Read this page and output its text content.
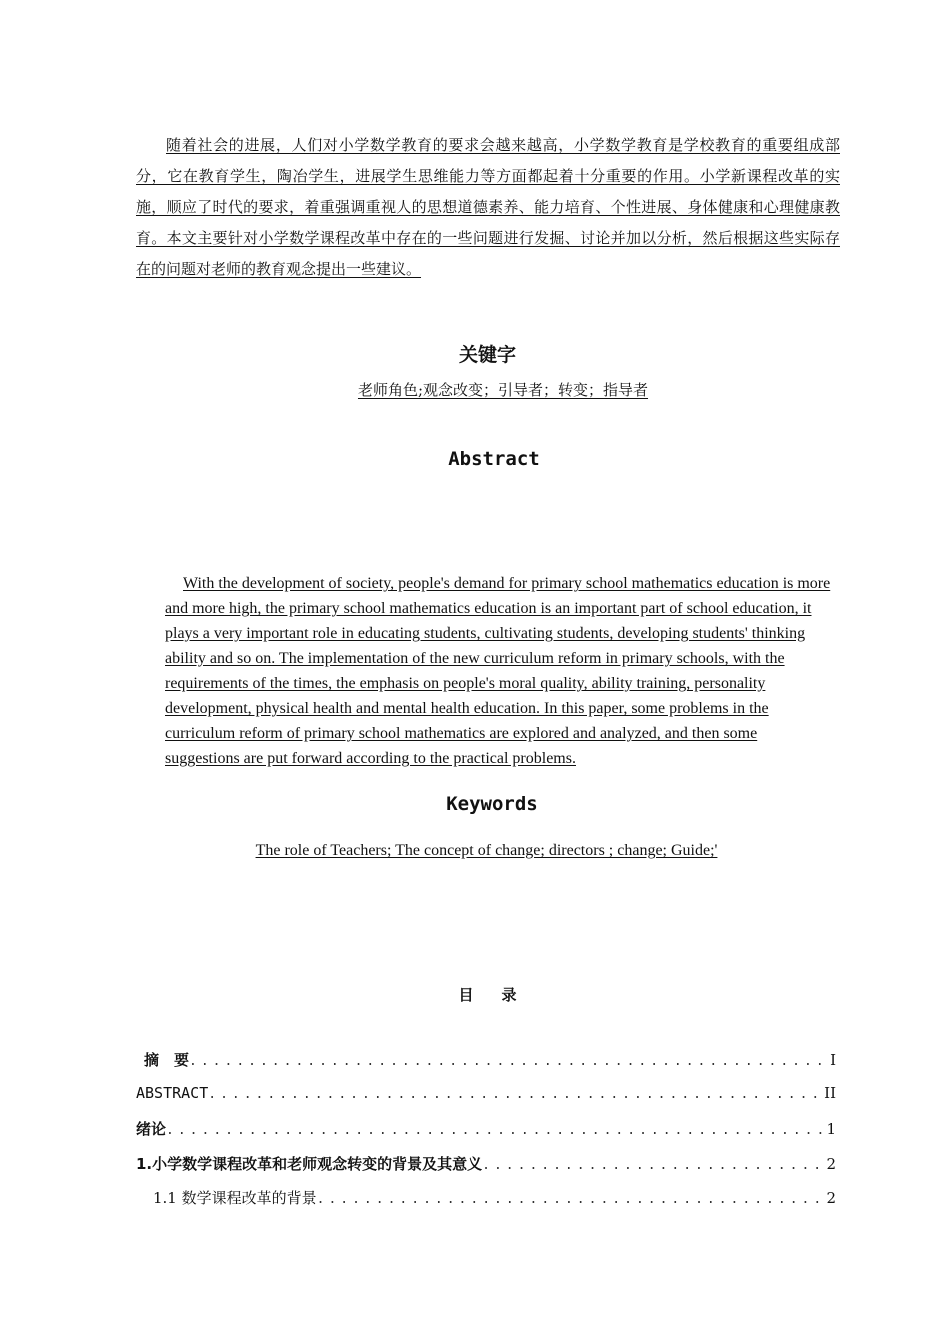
随着社会的进展，人们对小学数学教育的要求会越来越高，小学数学教育是学校教育的重要组成部分，它在教育学生，陶冶学生，进展学生思维能力等方面都起着十分重要的作用。小学新课程改革的实施，顺应了时代的要求，着重强调重视人的思想道德素养、能力培育、个性进展、身体健康和心理健康教育。本文主要针对小学数学课程改革中存在的一些问题进行发掘、讨论并加以分析，然后根据这些实际存在的问题对老师的教育观念提出一些建议。

关键字

老师角色;观念改变；引导者；转变；指导者

Abstract

With the development of society, people's demand for primary school mathematics education is more and more high, the primary school mathematics education is an important part of school education, it plays a very important role in educating students, cultivating students, developing students' thinking ability and so on. The implementation of the new curriculum reform in primary schools, with the requirements of the times, the emphasis on people's moral quality, ability training, personality development, physical health and mental health education. In this paper, some problems in the curriculum reform of primary school mathematics are explored and analyzed, and then some suggestions are put forward according to the practical problems.

Keywords

The role of Teachers; The concept of change; directors ; change; Guide;'

目录
摘　要 .....	I
ABSTRACT .....	II
绪论 .....	1
1.小学数学课程改革和老师观念转变的背景及其意义 .....	2
1.1 数学课程改革的背景 .....	2
